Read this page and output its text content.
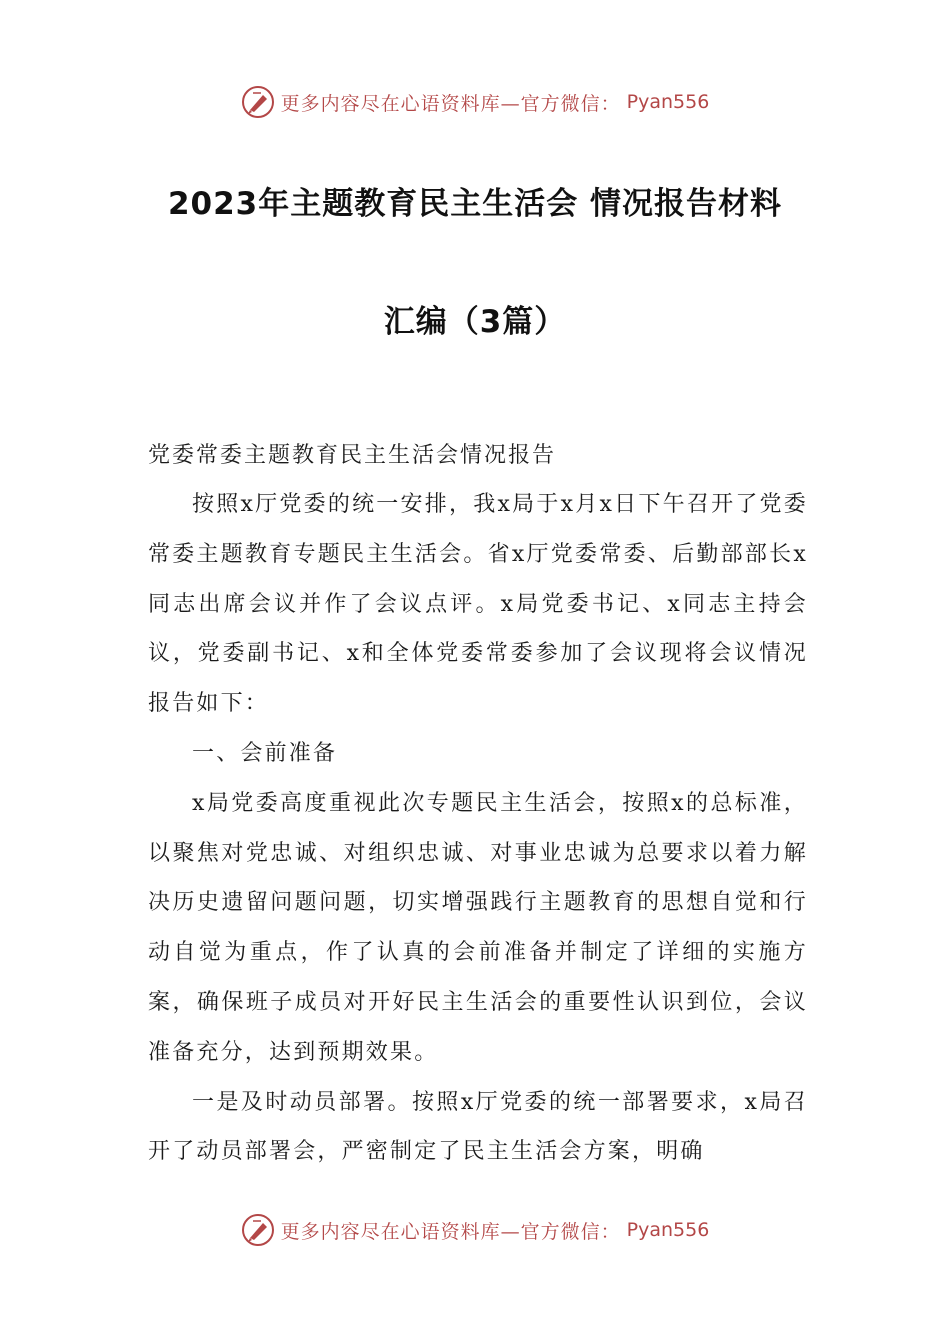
更多内容尽在心语资料库—官方微信： Pyan556
2023年主题教育民主生活会 情况报告材料
汇编（3篇）
党委常委主题教育民主生活会情况报告

按照x厅党委的统一安排，我x局于x月x日下午召开了党委常委主题教育专题民主生活会。省x厅党委常委、后勤部部长x同志出席会议并作了会议点评。x局党委书记、x同志主持会议，党委副书记、x和全体党委常委参加了会议现将会议情况报告如下：

一、会前准备

x局党委高度重视此次专题民主生活会，按照x的总标准，以聚焦对党忠诚、对组织忠诚、对事业忠诚为总要求以着力解决历史遗留问题问题，切实增强践行主题教育的思想自觉和行动自觉为重点，作了认真的会前准备并制定了详细的实施方案，确保班子成员对开好民主生活会的重要性认识到位，会议准备充分，达到预期效果。

一是及时动员部署。按照x厅党委的统一部署要求，x局召开了动员部署会，严密制定了民主生活会方案，明确

更多内容尽在心语资料库—官方微信： Pyan556
